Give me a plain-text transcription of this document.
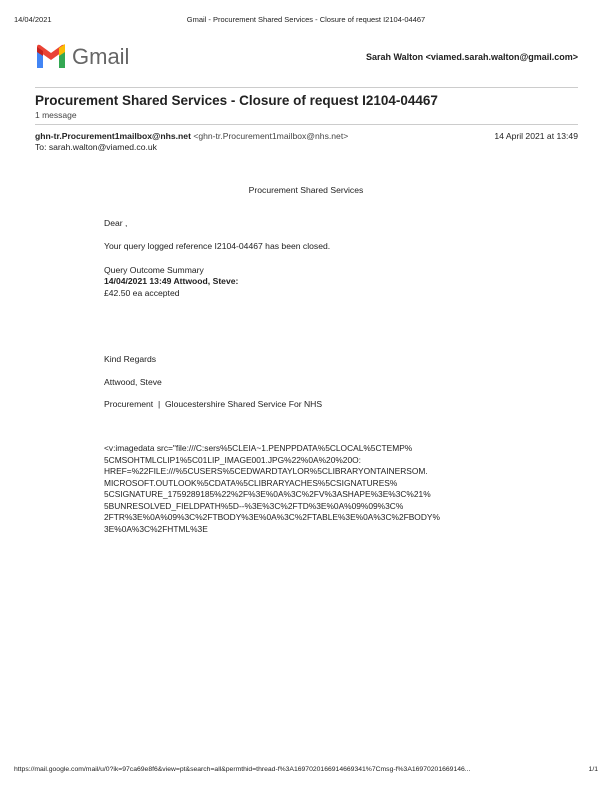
14/04/2021	Gmail - Procurement Shared Services - Closure of request I2104-04467
Gmail	Sarah Walton <viamed.sarah.walton@gmail.com>
Procurement Shared Services - Closure of request I2104-04467
1 message
ghn-tr.Procurement1mailbox@nhs.net <ghn-tr.Procurement1mailbox@nhs.net>	14 April 2021 at 13:49
To: sarah.walton@viamed.co.uk
Procurement Shared Services
Dear ,
Your query logged reference I2104-04467 has been closed.
Query Outcome Summary
14/04/2021 13:49 Attwood, Steve:
£42.50 ea accepted
Kind Regards
Attwood, Steve
Procurement  |  Gloucestershire Shared Service For NHS
<v:imagedata src="file:///C:sers%5CLEIA~1.PENPPDATA%5CLOCAL%5CTEMP%
5CMSOHTMLCLIP1%5C01LIP_IMAGE001.JPG%22%0A%20%20O:
HREF=%22FILE:///%5CUSERS%5CEDWARDTAYLOR%5CLIBRARYONTAINERSOM.
MICROSOFT.OUTLOOK%5CDATA%5CLIBRARYACHES%5CSIGNATURES%
5CSIGNATURE_1759289185%22%2F%3E%0A%3C%2FV%3ASHAPE%3E%3C%21%
5BUNRESOLVED_FIELDPATH%5D--%3E%3C%2FTD%3E%0A%09%09%3C%
2FTR%3E%0A%09%3C%2FTBODY%3E%0A%3C%2FTABLE%3E%0A%3C%2FBODY%
3E%0A%3C%2FHTML%3E
https://mail.google.com/mail/u/0?ik=97ca69e8f6&view=pt&search=all&permthid=thread-f%3A1697020166914669341%7Cmsg-f%3A16970201669146...	1/1
